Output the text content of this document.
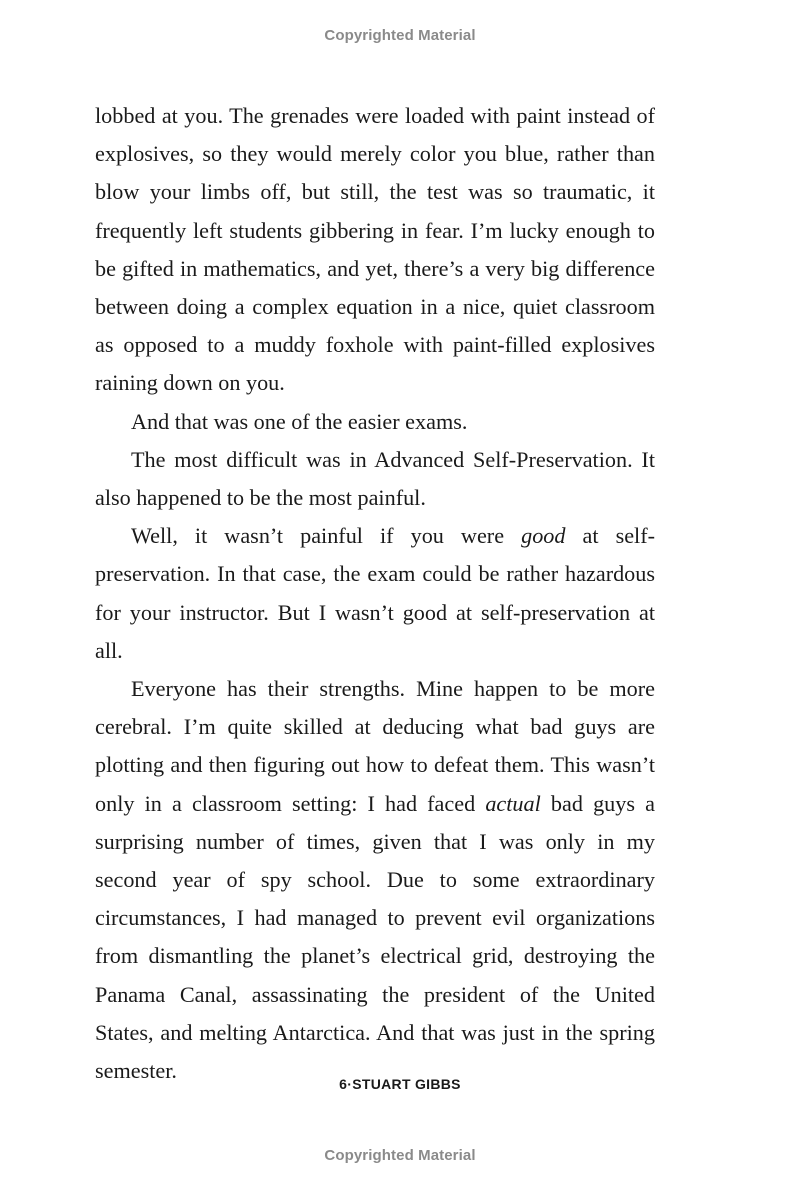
Copyrighted Material

lobbed at you. The grenades were loaded with paint instead of explosives, so they would merely color you blue, rather than blow your limbs off, but still, the test was so traumatic, it frequently left students gibbering in fear. I’m lucky enough to be gifted in mathematics, and yet, there’s a very big difference between doing a complex equation in a nice, quiet classroom as opposed to a muddy foxhole with paint-filled explosives raining down on you.

And that was one of the easier exams.

The most difficult was in Advanced Self-Preservation. It also happened to be the most painful.

Well, it wasn’t painful if you were good at self-preservation. In that case, the exam could be rather hazardous for your instructor. But I wasn’t good at self-preservation at all.

Everyone has their strengths. Mine happen to be more cerebral. I’m quite skilled at deducing what bad guys are plotting and then figuring out how to defeat them. This wasn’t only in a classroom setting: I had faced actual bad guys a surprising number of times, given that I was only in my second year of spy school. Due to some extraordinary circumstances, I had managed to prevent evil organizations from dismantling the planet’s electrical grid, destroying the Panama Canal, assassinating the president of the United States, and melting Antarctica. And that was just in the spring semester.

6·STUART GIBBS
Copyrighted Material
